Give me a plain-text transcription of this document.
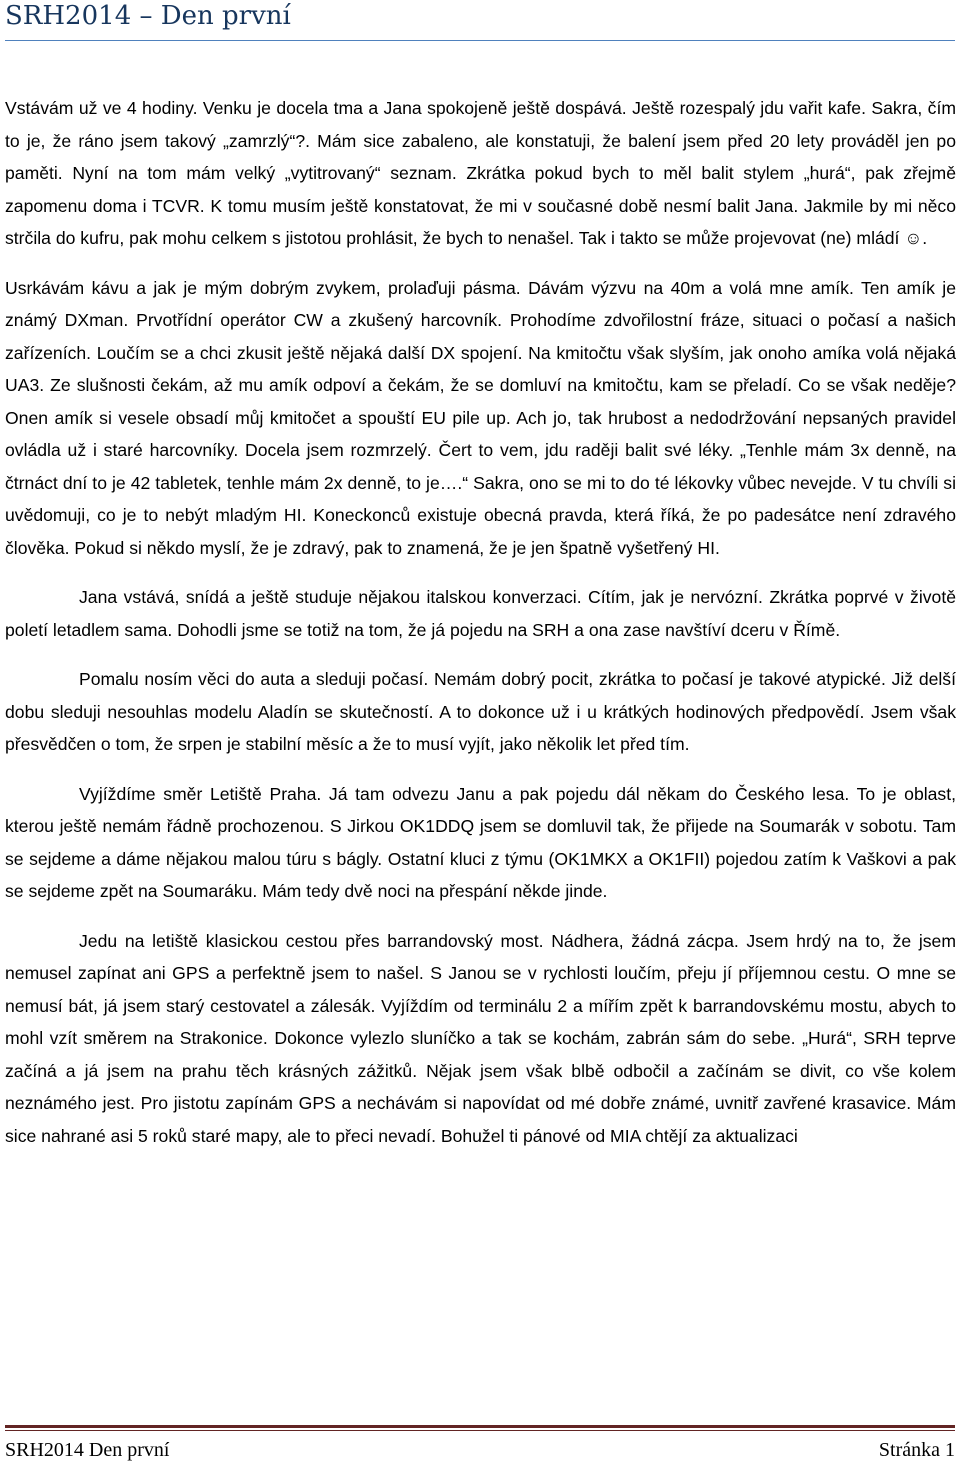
SRH2014 – Den první

Vstávám už ve 4 hodiny. Venku je docela tma a Jana spokojeně ještě dospává. Ještě rozespalý jdu vařit kafe. Sakra, čím to je, že ráno jsem takový „zamrzlý“?. Mám sice zabaleno, ale konstatuji, že balení jsem před 20 lety prováděl jen po paměti. Nyní na tom mám velký „vytitrovaný“ seznam. Zkrátka pokud bych to měl balit stylem „hurá“, pak zřejmě zapomenu doma i TCVR. K tomu musím ještě konstatovat, že mi v současné době nesmí balit Jana. Jakmile by mi něco strčila do kufru, pak mohu celkem s jistotou prohlásit, že bych to nenašel. Tak i takto se může projevovat (ne) mládí ☺.

Usrkávám kávu a jak je mým dobrým zvykem, prolaďuji pásma. Dávám výzvu na 40m a volá mne amík. Ten amík je známý DXman. Prvotřídní operátor CW a zkušený harcovník. Prohodíme zdvořilostní fráze, situaci o počasí a našich zařízeních. Loučím se a chci zkusit ještě nějaká další DX spojení. Na kmitočtu však slyším, jak onoho amíka volá nějaká UA3. Ze slušnosti čekám, až mu amík odpoví a čekám, že se domluví na kmitočtu, kam se přeladí. Co se však neděje? Onen amík si vesele obsadí můj kmitočet a spouští EU pile up. Ach jo, tak hrubost a nedodržování nepsaných pravidel ovládla už i staré harcovníky. Docela jsem rozmrzelý. Čert to vem, jdu raději balit své léky. „Tenhle mám 3x denně, na čtrnáct dní to je 42 tabletek, tenhle mám 2x denně, to je….“ Sakra, ono se mi to do té lékovky vůbec nevejde. V tu chvíli si uvědomuji, co je to nebýt mladým HI. Koneckonců existuje obecná pravda, která říká, že po padesátce není zdravého člověka. Pokud si někdo myslí, že je zdravý, pak to znamená, že je jen špatně vyšetřený HI.

Jana vstává, snídá a ještě studuje nějakou italskou konverzaci. Cítím, jak je nervózní. Zkrátka poprvé v životě poletí letadlem sama. Dohodli jsme se totiž na tom, že já pojedu na SRH a ona zase navštíví dceru v Římě.

Pomalu nosím věci do auta a sleduji počasí. Nemám dobrý pocit, zkrátka to počasí je takové atypické. Již delší dobu sleduji nesouhlas modelu Aladín se skutečností. A to dokonce už i u krátkých hodinových předpovědí. Jsem však přesvědčen o tom, že srpen je stabilní měsíc a že to musí vyjít, jako několik let před tím.

Vyjíždíme směr Letiště Praha. Já tam odvezu Janu a pak pojedu dál někam do Českého lesa. To je oblast, kterou ještě nemám řádně prochozenou. S Jirkou OK1DDQ jsem se domluvil tak, že přijede na Soumarák v sobotu. Tam se sejdeme a dáme nějakou malou túru s bágly. Ostatní kluci z týmu (OK1MKX a OK1FII) pojedou zatím k Vaškovi a pak se sejdeme zpět na Soumaráku. Mám tedy dvě noci na přespání někde jinde.

Jedu na letiště klasickou cestou přes barrandovský most. Nádhera, žádná zácpa. Jsem hrdý na to, že jsem nemusel zapínat ani GPS a perfektně jsem to našel. S Janou se v rychlosti loučím, přeju jí příjemnou cestu. O mne se nemusí bát, já jsem starý cestovatel a zálesák. Vyjíždím od terminálu 2 a mířím zpět k barrandovskému mostu, abych to mohl vzít směrem na Strakonice. Dokonce vylezlo sluníčko a tak se kochám, zabrán sám do sebe. „Hurá“, SRH teprve začíná a já jsem na prahu těch krásných zážitků. Nějak jsem však blbě odbočil a začínám se divit, co vše kolem neznámého jest. Pro jistotu zapínám GPS a nechávám si napovídat od mé dobře známé, uvnitř zavřené krasavice. Mám sice nahrané asi 5 roků staré mapy, ale to přeci nevadí. Bohužel ti pánové od MIA chtějí za aktualizaci

SRH2014 Den první	Stránka 1
